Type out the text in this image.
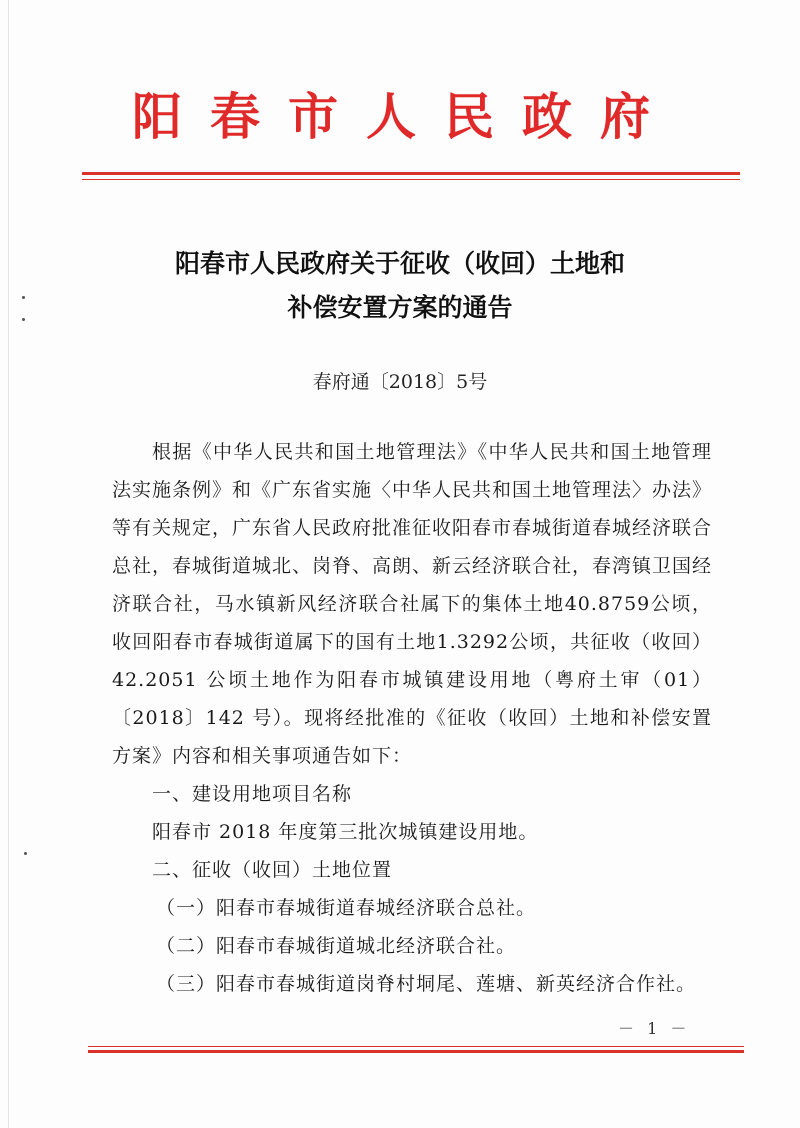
阳春市人民政府
阳春市人民政府关于征收（收回）土地和
补偿安置方案的通告
春府通〔2018〕5号

根据《中华人民共和国土地管理法》《中华人民共和国土地管理法实施条例》和《广东省实施〈中华人民共和国土地管理法〉办法》等有关规定，广东省人民政府批准征收阳春市春城街道春城经济联合总社，春城街道城北、岗脊、高朗、新云经济联合社，春湾镇卫国经济联合社，马水镇新风经济联合社属下的集体土地40.8759公顷，收回阳春市春城街道属下的国有土地1.3292公顷，共征收（收回）42.2051 公顷土地作为阳春市城镇建设用地（粤府土审（01）〔2018〕142 号）。现将经批准的《征收（收回）土地和补偿安置方案》内容和相关事项通告如下：

一、建设用地项目名称
阳春市 2018 年度第三批次城镇建设用地。
二、征收（收回）土地位置
（一）阳春市春城街道春城经济联合总社。
（二）阳春市春城街道城北经济联合社。
（三）阳春市春城街道岗脊村垌尾、莲塘、新英经济合作社。
－ 1 －
